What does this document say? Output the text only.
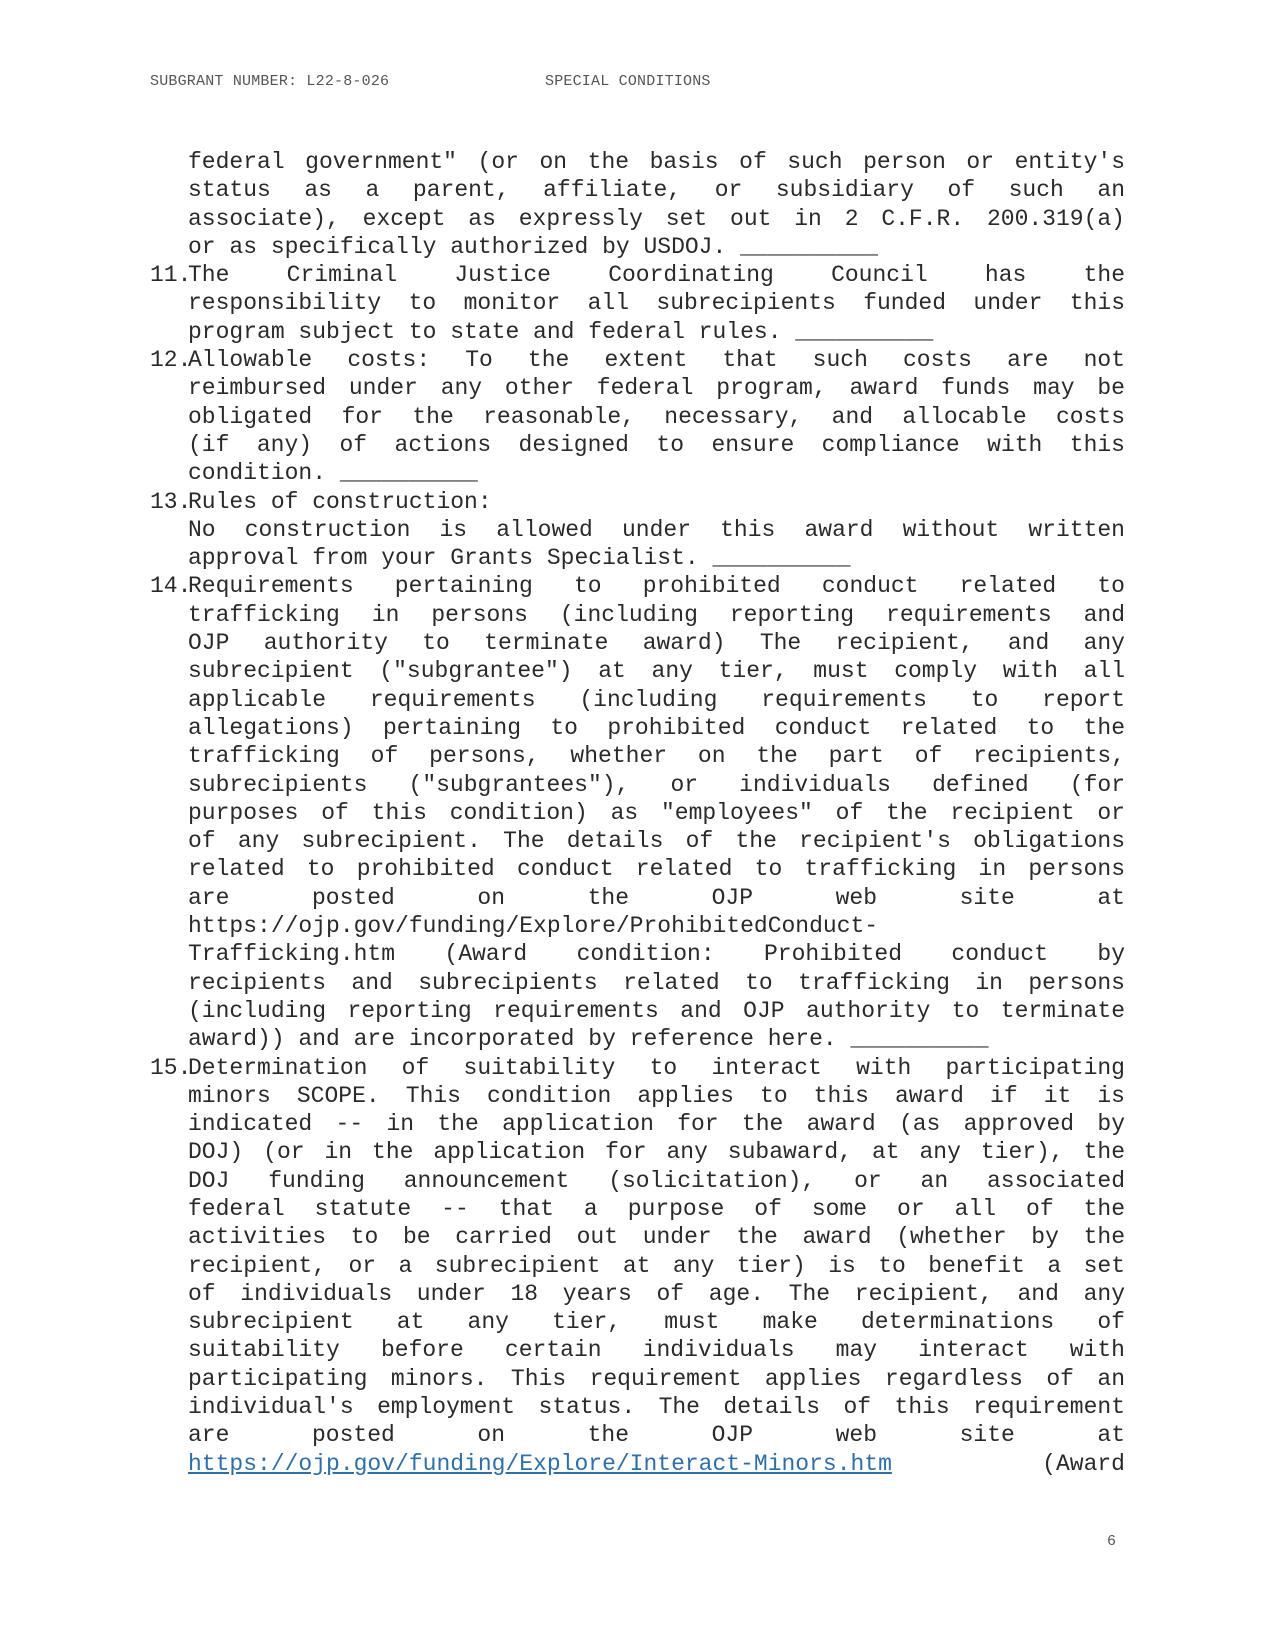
SUBGRANT NUMBER: L22-8-026	SPECIAL CONDITIONS
federal government" (or on the basis of such person or entity's
status as a parent, affiliate, or subsidiary of such an
associate), except as expressly set out in 2 C.F.R. 200.319(a)
or as specifically authorized by USDOJ. __________
11.
The Criminal Justice Coordinating Council has the
responsibility to monitor all subrecipients funded under this
program subject to state and federal rules. __________
12.
Allowable costs: To the extent that such costs are not
reimbursed under any other federal program, award funds may be
obligated for the reasonable, necessary, and allocable costs
(if any) of actions designed to ensure compliance with this
condition. __________
13.
Rules of construction:
No construction is allowed under this award without written
approval from your Grants Specialist. __________
14.
Requirements pertaining to prohibited conduct related to
trafficking in persons (including reporting requirements and
OJP authority to terminate award) The recipient, and any
subrecipient ("subgrantee") at any tier, must comply with all
applicable requirements (including requirements to report
allegations) pertaining to prohibited conduct related to the
trafficking of persons, whether on the part of recipients,
subrecipients ("subgrantees"), or individuals defined (for
purposes of this condition) as "employees" of the recipient or
of any subrecipient. The details of the recipient's obligations
related to prohibited conduct related to trafficking in persons
are posted on the OJP web site at
https://ojp.gov/funding/Explore/ProhibitedConduct-
Trafficking.htm (Award condition: Prohibited conduct by
recipients and subrecipients related to trafficking in persons
(including reporting requirements and OJP authority to terminate
award)) and are incorporated by reference here. __________
15.
Determination of suitability to interact with participating
minors SCOPE. This condition applies to this award if it is
indicated -- in the application for the award (as approved by
DOJ) (or in the application for any subaward, at any tier), the
DOJ funding announcement (solicitation), or an associated
federal statute -- that a purpose of some or all of the
activities to be carried out under the award (whether by the
recipient, or a subrecipient at any tier) is to benefit a set
of individuals under 18 years of age. The recipient, and any
subrecipient at any tier, must make determinations of
suitability before certain individuals may interact with
participating minors. This requirement applies regardless of an
individual's employment status. The details of this requirement
are posted on the OJP web site at
https://ojp.gov/funding/Explore/Interact-Minors.htm	(Award
6
